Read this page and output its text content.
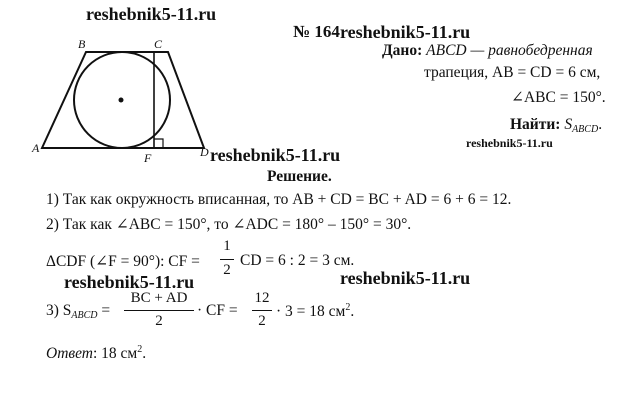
reshebnik5-11.ru
reshebnik5-11.ru
reshebnik5-11.ru
reshebnik5-11.ru
reshebnik5-11.ru	reshebnik5-11.ru
№ 164
A
B	C
D
F
Дано: ABCD — равнобедренная
трапеция, AB = CD = 6 см,
∠ABC = 150°.
Найти: $S_{ABCD}$.
Решение.
1) Так как окружность вписанная, то AB + CD = BC + AD = 6 + 6 = 12.
2) Так как ∠ABC = 150°, то ∠ADC = 180° – 150° = 30°.
ΔCDF (∠F = 90°): CF =
1
2
CD = 6 : 2 = 3 см.
3) $S_{ABCD}$ =
BC + AD
2
· CF =
12
2
· 3 = 18 $см^2$.
Ответ: 18 $см^2$.
